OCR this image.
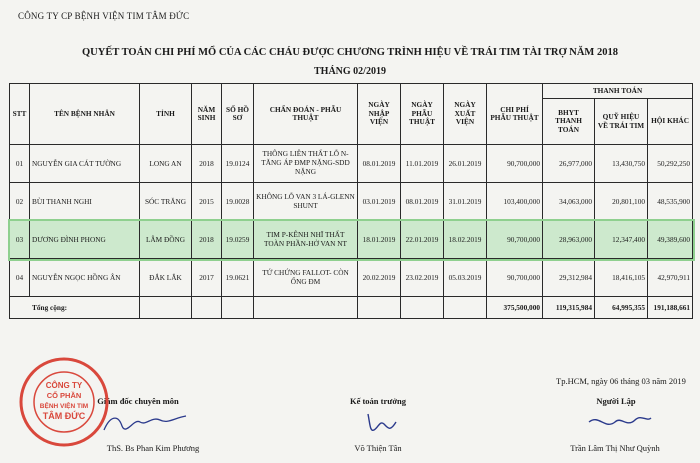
CÔNG TY CP BỆNH VIỆN TIM TÂM ĐỨC
QUYẾT TOÁN CHI PHÍ MỔ CỦA CÁC CHÁU ĐƯỢC CHƯƠNG TRÌNH HIỆU VỀ TRÁI TIM TÀI TRỢ NĂM 2018
THÁNG 02/2019
STT	TÊN BỆNH NHÂN	TỈNH	NĂM SINH	SỐ HỒ SƠ	CHẨN ĐOÁN - PHẪU THUẬT	NGÀY NHẬP VIỆN	NGÀY PHẪU THUẬT	NGÀY XUẤT VIỆN	CHI PHÍ PHẪU THUẬT	THANH TOÁN		
										BHYT THANH TOÁN	QUỸ HIỆU VỀ TRÁI TIM	HỘI KHÁC
01	NGUYỄN GIA CÁT TƯỜNG	LONG AN	2018	19.0124	THÔNG LIÊN THẤT LỖ N-TĂNG ÁP ĐMP NẶNG-SDD NẶNG	08.01.2019	11.01.2019	26.01.2019	90,700,000	26,977,000	13,430,750	50,292,250
02	BÙI THANH NGHI	SÓC TRĂNG	2015	19.0028	KHÔNG LỖ VAN 3 LÁ-GLENN SHUNT	03.01.2019	08.01.2019	31.01.2019	103,400,000	34,063,000	20,801,100	48,535,900
03	DƯƠNG ĐÌNH PHONG	LÂM ĐỒNG	2018	19.0259	TIM P-KÊNH NHĨ THẤT TOÀN PHẦN-HỞ VAN NT	18.01.2019	22.01.2019	18.02.2019	90,700,000	28,963,000	12,347,400	49,389,600
04	NGUYỄN NGỌC HỒNG ÂN	ĐẮK LẮK	2017	19.0621	TỨ CHỨNG FALLOT- CÒN ỐNG ĐM	20.02.2019	23.02.2019	05.03.2019	90,700,000	29,312,984	18,416,105	42,970,911
Tổng cộng:									375,500,000	119,315,984	64,995,355	191,188,661
Tp.HCM, ngày 06 tháng 03 năm 2019
Giám đốc chuyên môn	Kế toán trưởng	Người Lập
CÔNG TY
CỔ PHẦN
BỆNH VIỆN TIM
TÂM ĐỨC
ThS. Bs Phan Kim Phương	Võ Thiện Tân	Trần Lâm Thị Như Quỳnh
